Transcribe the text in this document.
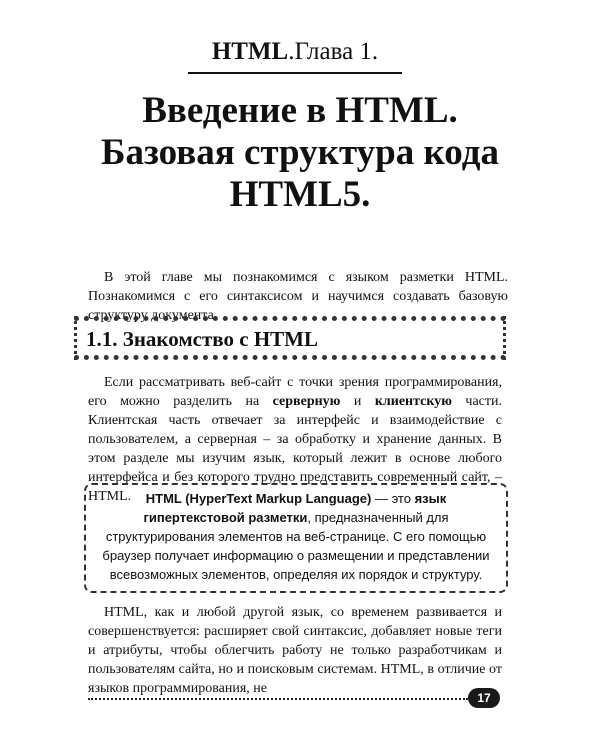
HTML.Глава 1.
Введение в HTML.
Базовая структура кода
HTML5.
В этой главе мы познакомимся с языком разметки HTML. Познакомимся с его синтаксисом и научимся создавать базовую структуру документа.
1.1. Знакомство с HTML
Если рассматривать веб-сайт с точки зрения программирования, его можно разделить на серверную и клиентскую части. Клиентская часть отвечает за интерфейс и взаимодействие с пользователем, а серверная – за обработку и хранение данных. В этом разделе мы изучим язык, который лежит в основе любого интерфейса и без которого трудно представить современный сайт, – HTML.	HTML (HyperText Markup Language) — это язык гипертекстовой разметки, предназначенный для структурирования элементов на веб-странице. С его помощью браузер получает информацию о размещении и представлении всевозможных элементов, определяя их порядок и структуру.
HTML, как и любой другой язык, со временем развивается и совершенствуется: расширяет свой синтаксис, добавляет новые теги и атрибуты, чтобы облегчить работу не только разработчикам и пользователям сайта, но и поисковым системам. HTML, в отличие от языков программирования, не
17
